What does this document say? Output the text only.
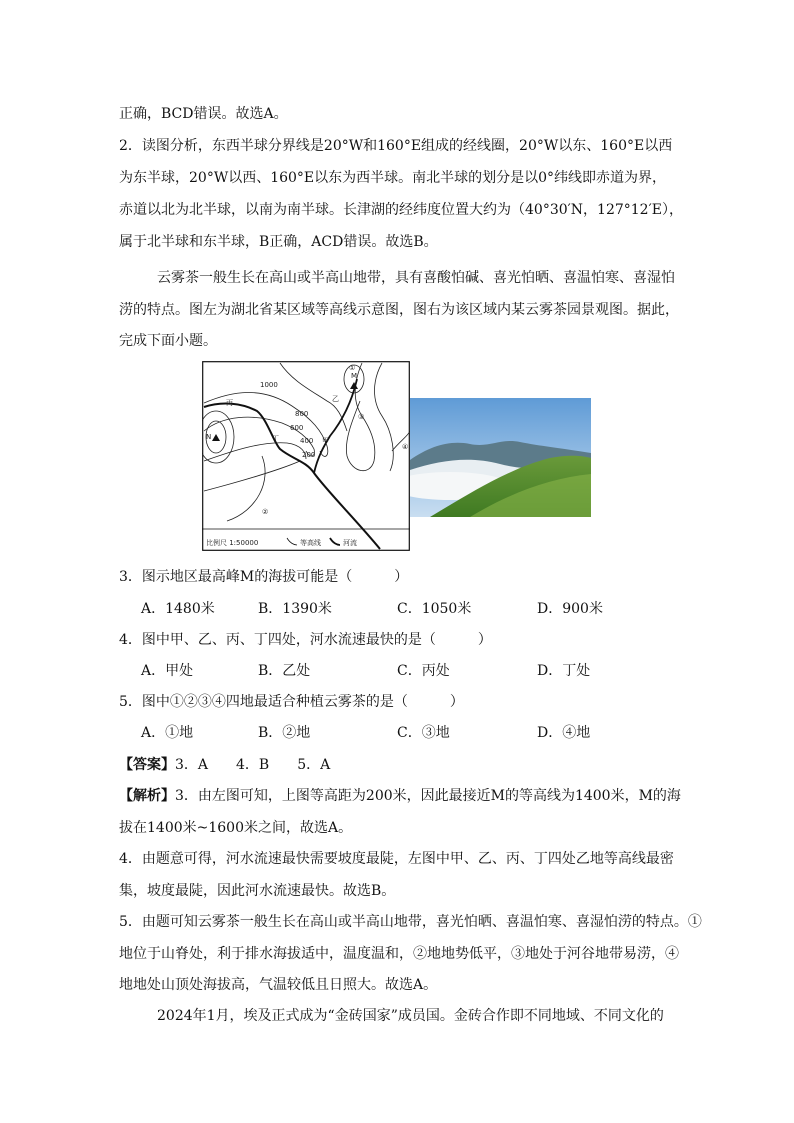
正确，BCD错误。故选A。
2．读图分析，东西半球分界线是20°W和160°E组成的经线圈，20°W以东、160°E以西
为东半球，20°W以西、160°E以东为西半球。南北半球的划分是以0°纬线即赤道为界，
赤道以北为北半球，以南为南半球。长津湖的经纬度位置大约为（40°30′N，127°12′E），
属于北半球和东半球，B正确，ACD错误。故选B。
云雾茶一般生长在高山或半高山地带，具有喜酸怕碱、喜光怕晒、喜温怕寒、喜湿怕
涝的特点。图左为湖北省某区域等高线示意图，图右为该区域内某云雾茶园景观图。据此，
完成下面小题。
1000
800
600
400
200
M
N	甲
乙
丙
丁
①
②
③
④
比例尺 1:50000	等高线	河流
3．图示地区最高峰M的海拔可能是（　　　）
A．1480米	B．1390米	C．1050米	D．900米
4．图中甲、乙、丙、丁四处，河水流速最快的是（　　　）
A．甲处	B．乙处	C．丙处	D．丁处
5．图中①②③④四地最适合种植云雾茶的是（　　　）
A．①地	B．②地	C．③地	D．④地
【答案】3．A　　4．B　　5．A
【解析】3．由左图可知，上图等高距为200米，因此最接近M的等高线为1400米，M的海
拔在1400米~1600米之间，故选A。
4．由题意可得，河水流速最快需要坡度最陡，左图中甲、乙、丙、丁四处乙地等高线最密
集，坡度最陡，因此河水流速最快。故选B。
5．由题可知云雾茶一般生长在高山或半高山地带，喜光怕晒、喜温怕寒、喜湿怕涝的特点。①
地位于山脊处，利于排水海拔适中，温度温和，②地地势低平，③地处于河谷地带易涝，④
地地处山顶处海拔高，气温较低且日照大。故选A。
2024年1月，埃及正式成为“金砖国家”成员国。金砖合作即不同地域、不同文化的
